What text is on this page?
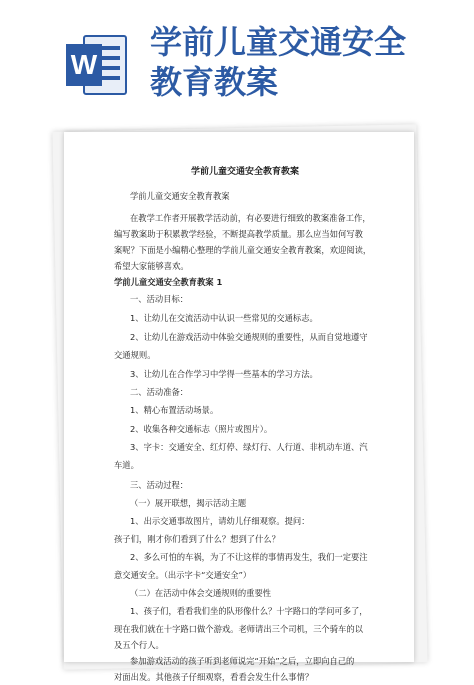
W
学前儿童交通安全
教育教案
学前儿童交通安全教育教案
学前儿童交通安全教育教案
在教学工作者开展教学活动前，有必要进行细致的教案准备工作，
编写教案助于积累教学经验，不断提高教学质量。那么应当如何写教
案呢？下面是小编精心整理的学前儿童交通安全教育教案，欢迎阅读，
希望大家能够喜欢。
学前儿童交通安全教育教案 1
一、活动目标：
1、让幼儿在交流活动中认识一些常见的交通标志。
2、让幼儿在游戏活动中体验交通规则的重要性，从而自觉地遵守
交通规则。
3、让幼儿在合作学习中学得一些基本的学习方法。
二、活动准备：
1、精心布置活动场景。
2、收集各种交通标志（照片或图片）。
3、字卡：交通安全、红灯停、绿灯行、人行道、非机动车道、汽
车道。
三、活动过程：
（一）展开联想，揭示活动主题
1、出示交通事故图片，请幼儿仔细观察。提问：
孩子们，刚才你们看到了什么？想到了什么？
2、多么可怕的车祸，为了不让这样的事情再发生，我们一定要注
意交通安全。（出示字卡“交通安全”）
（二）在活动中体会交通规则的重要性
1、孩子们，看看我们坐的队形像什么？十字路口的学问可多了，
现在我们就在十字路口做个游戏。老师请出三个司机，三个骑车的以
及五个行人。
参加游戏活动的孩子听到老师说完“开始”之后，立即向自己的
对面出发。其他孩子仔细观察，看看会发生什么事情？
